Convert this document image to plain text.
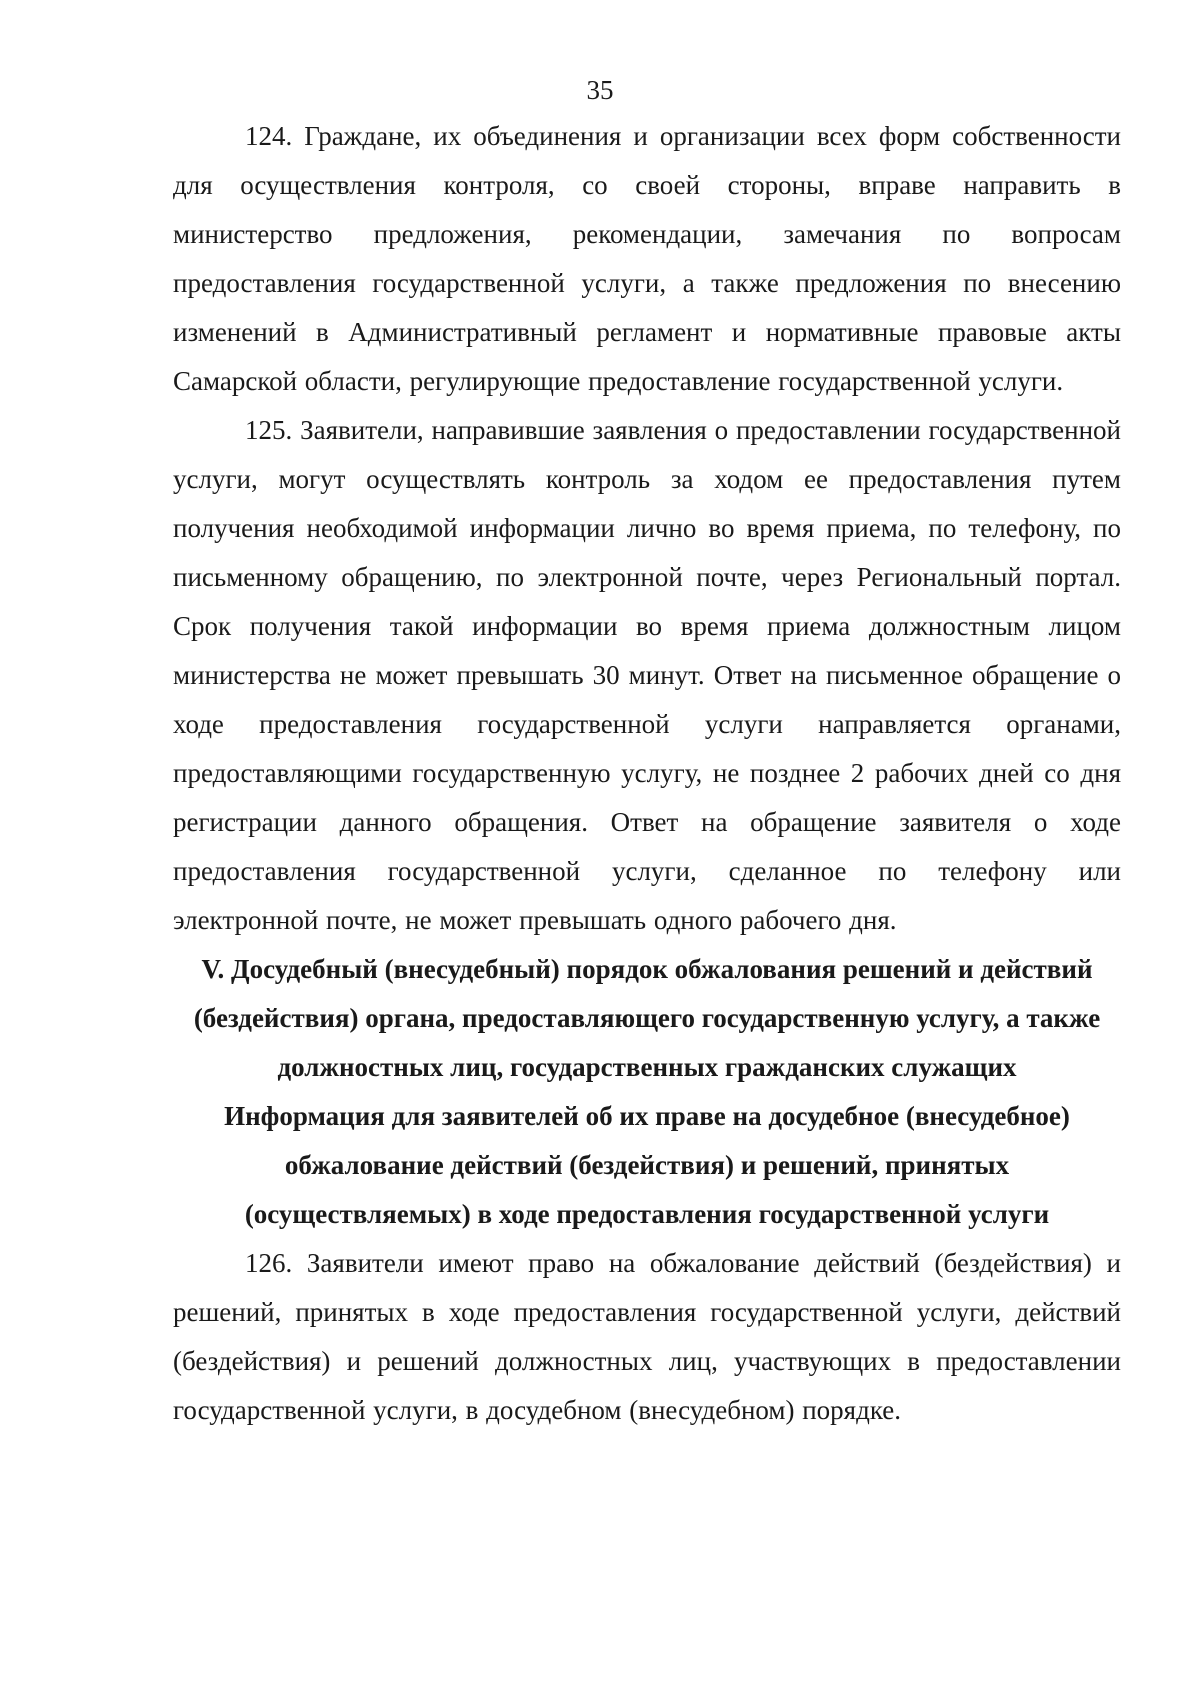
35

124. Граждане, их объединения и организации всех форм собственности для осуществления контроля, со своей стороны, вправе направить в министерство предложения, рекомендации, замечания по вопросам предоставления государственной услуги, а также предложения по внесению изменений в Административный регламент и нормативные правовые акты Самарской области, регулирующие предоставление государственной услуги.

125. Заявители, направившие заявления о предоставлении государственной услуги, могут осуществлять контроль за ходом ее предоставления путем получения необходимой информации лично во время приема, по телефону, по письменному обращению, по электронной почте, через Региональный портал. Срок получения такой информации во время приема должностным лицом министерства не может превышать 30 минут. Ответ на письменное обращение о ходе предоставления государственной услуги направляется органами, предоставляющими государственную услугу, не позднее 2 рабочих дней со дня регистрации данного обращения. Ответ на обращение заявителя о ходе предоставления государственной услуги, сделанное по телефону или электронной почте, не может превышать одного рабочего дня.

V. Досудебный (внесудебный) порядок обжалования решений и действий (бездействия) органа, предоставляющего государственную услугу, а также должностных лиц, государственных гражданских служащих

Информация для заявителей об их праве на досудебное (внесудебное) обжалование действий (бездействия) и решений, принятых (осуществляемых) в ходе предоставления государственной услуги

126. Заявители имеют право на обжалование действий (бездействия) и решений, принятых в ходе предоставления государственной услуги, действий (бездействия) и решений должностных лиц, участвующих в предоставлении государственной услуги, в досудебном (внесудебном) порядке.
